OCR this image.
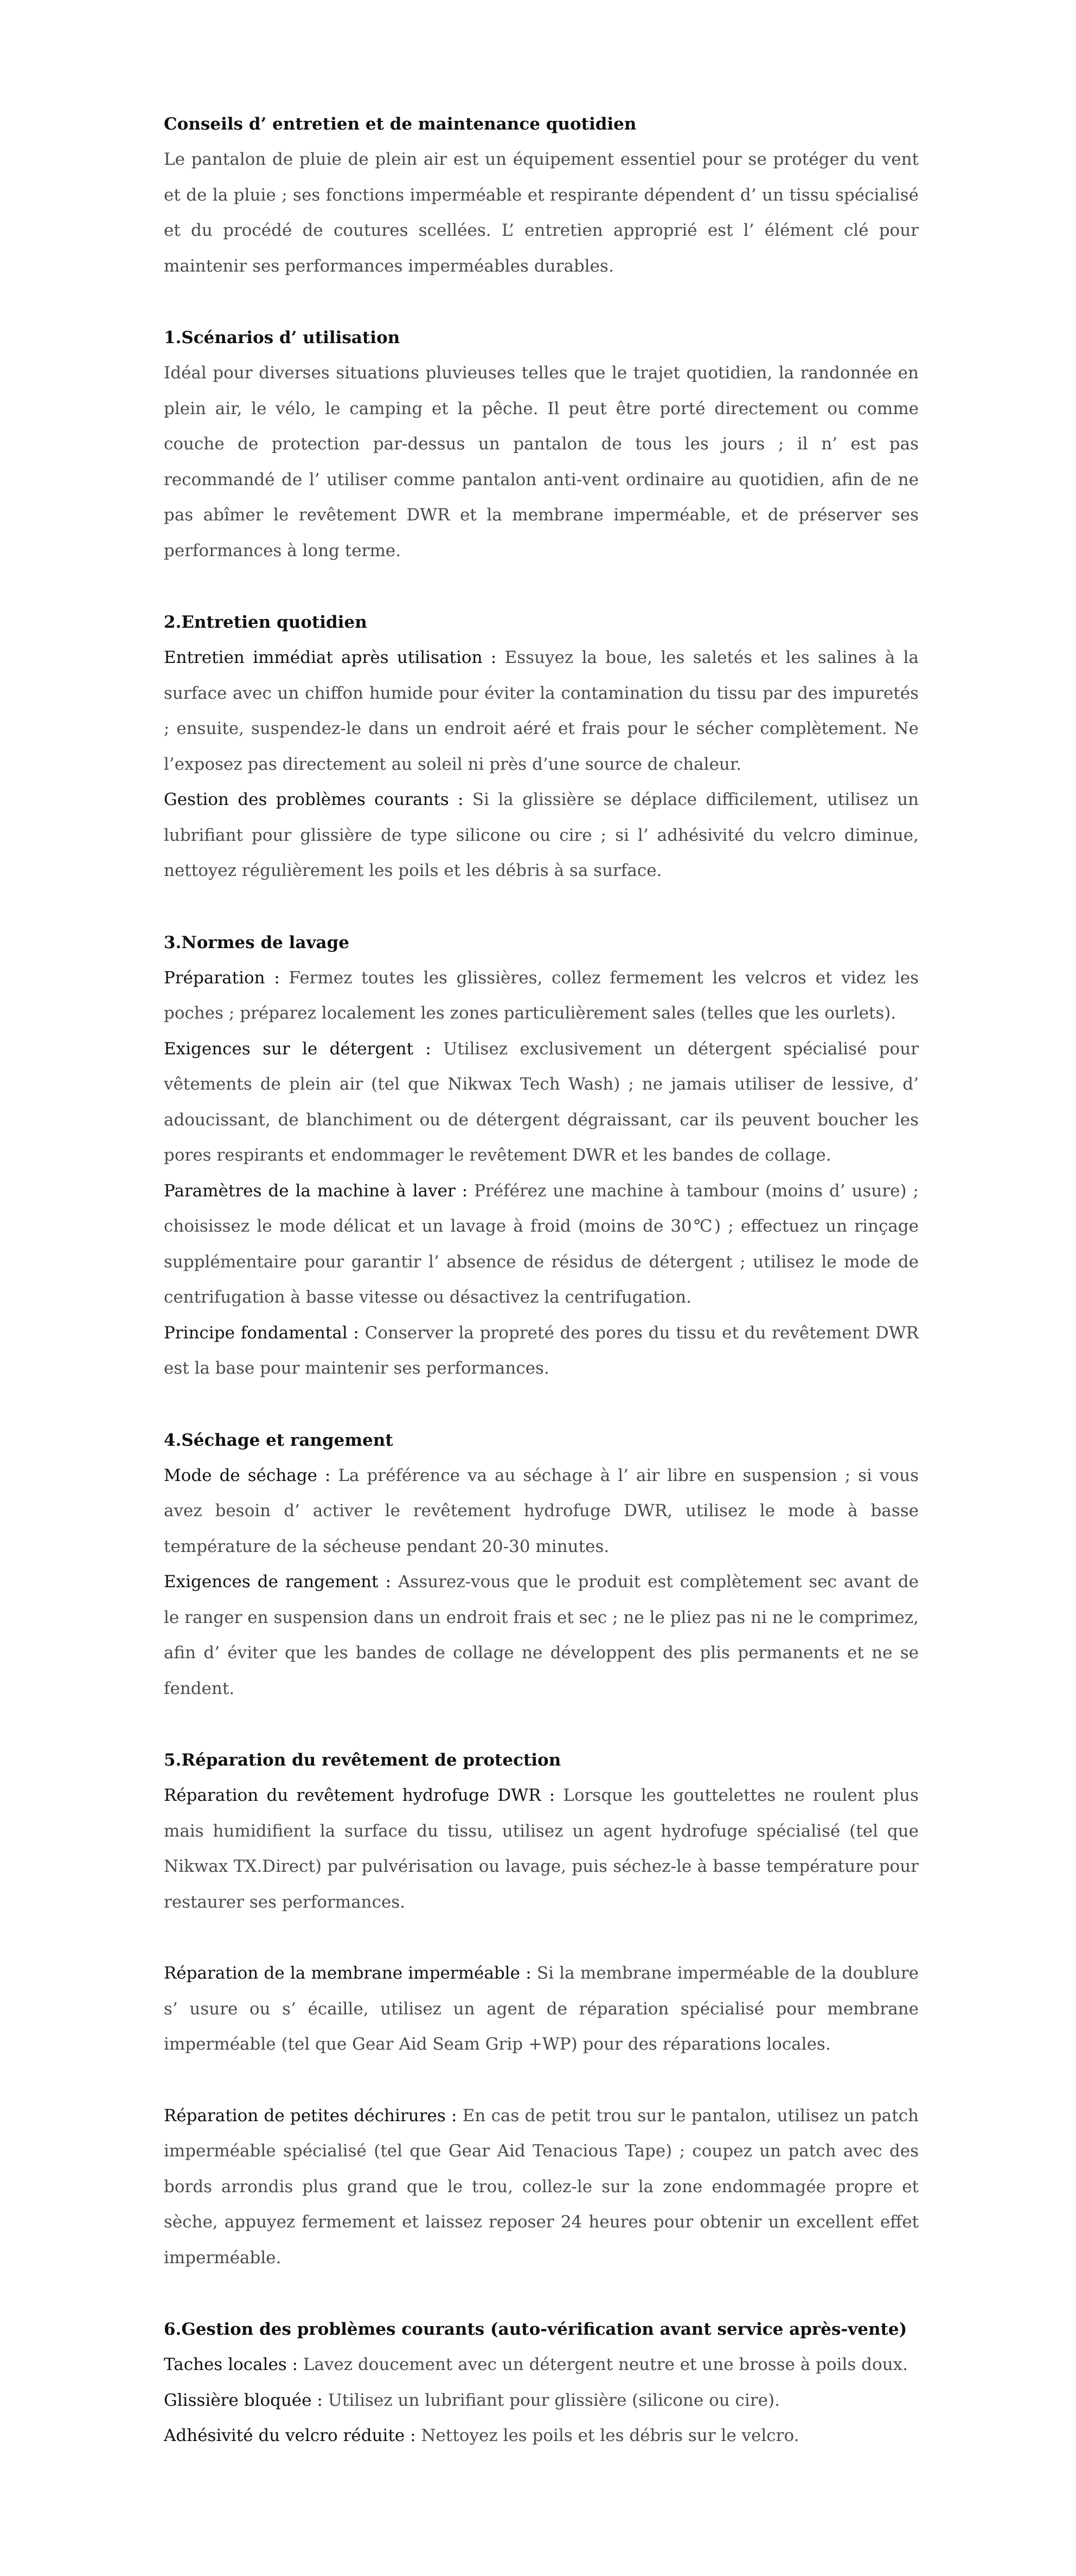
Conseils d’ entretien et de maintenance quotidien

Le pantalon de pluie de plein air est un équipement essentiel pour se protéger du vent et de la pluie ; ses fonctions imperméable et respirante dépendent d’ un tissu spécialisé et du procédé de coutures scellées. L’ entretien approprié est l’ élément clé pour maintenir ses performances imperméables durables.

1.Scénarios d’ utilisation

Idéal pour diverses situations pluvieuses telles que le trajet quotidien, la randonnée en plein air, le vélo, le camping et la pêche. Il peut être porté directement ou comme couche de protection par-dessus un pantalon de tous les jours ; il n’ est pas recommandé de l’ utiliser comme pantalon anti-vent ordinaire au quotidien, afin de ne pas abîmer le revêtement DWR et la membrane imperméable, et de préserver ses performances à long terme.

2.Entretien quotidien

Entretien immédiat après utilisation : Essuyez la boue, les saletés et les salines à la surface avec un chiffon humide pour éviter la contamination du tissu par des impuretés ; ensuite, suspendez-le dans un endroit aéré et frais pour le sécher complètement. Ne l’exposez pas directement au soleil ni près d’une source de chaleur.

Gestion des problèmes courants : Si la glissière se déplace difficilement, utilisez un lubrifiant pour glissière de type silicone ou cire ; si l’ adhésivité du velcro diminue, nettoyez régulièrement les poils et les débris à sa surface.

3.Normes de lavage

Préparation : Fermez toutes les glissières, collez fermement les velcros et videz les poches ; préparez localement les zones particulièrement sales (telles que les ourlets).

Exigences sur le détergent : Utilisez exclusivement un détergent spécialisé pour vêtements de plein air (tel que Nikwax Tech Wash) ; ne jamais utiliser de lessive, d’ adoucissant, de blanchiment ou de détergent dégraissant, car ils peuvent boucher les pores respirants et endommager le revêtement DWR et les bandes de collage.

Paramètres de la machine à laver : Préférez une machine à tambour (moins d’ usure) ; choisissez le mode délicat et un lavage à froid (moins de 30℃) ; effectuez un rinçage supplémentaire pour garantir l’ absence de résidus de détergent ; utilisez le mode de centrifugation à basse vitesse ou désactivez la centrifugation.

Principe fondamental : Conserver la propreté des pores du tissu et du revêtement DWR est la base pour maintenir ses performances.

4.Séchage et rangement

Mode de séchage : La préférence va au séchage à l’ air libre en suspension ; si vous avez besoin d’ activer le revêtement hydrofuge DWR, utilisez le mode à basse température de la sécheuse pendant 20-30 minutes.

Exigences de rangement : Assurez-vous que le produit est complètement sec avant de le ranger en suspension dans un endroit frais et sec ; ne le pliez pas ni ne le comprimez, afin d’ éviter que les bandes de collage ne développent des plis permanents et ne se fendent.

5.Réparation du revêtement de protection

Réparation du revêtement hydrofuge DWR : Lorsque les gouttelettes ne roulent plus mais humidifient la surface du tissu, utilisez un agent hydrofuge spécialisé (tel que Nikwax TX.Direct) par pulvérisation ou lavage, puis séchez-le à basse température pour restaurer ses performances.

Réparation de la membrane imperméable : Si la membrane imperméable de la doublure s’ usure ou s’ écaille, utilisez un agent de réparation spécialisé pour membrane imperméable (tel que Gear Aid Seam Grip +WP) pour des réparations locales.

Réparation de petites déchirures : En cas de petit trou sur le pantalon, utilisez un patch imperméable spécialisé (tel que Gear Aid Tenacious Tape) ; coupez un patch avec des bords arrondis plus grand que le trou, collez-le sur la zone endommagée propre et sèche, appuyez fermement et laissez reposer 24 heures pour obtenir un excellent effet imperméable.

6.Gestion des problèmes courants (auto-vérification avant service après-vente)

Taches locales : Lavez doucement avec un détergent neutre et une brosse à poils doux.

Glissière bloquée : Utilisez un lubrifiant pour glissière (silicone ou cire).

Adhésivité du velcro réduite : Nettoyez les poils et les débris sur le velcro.
